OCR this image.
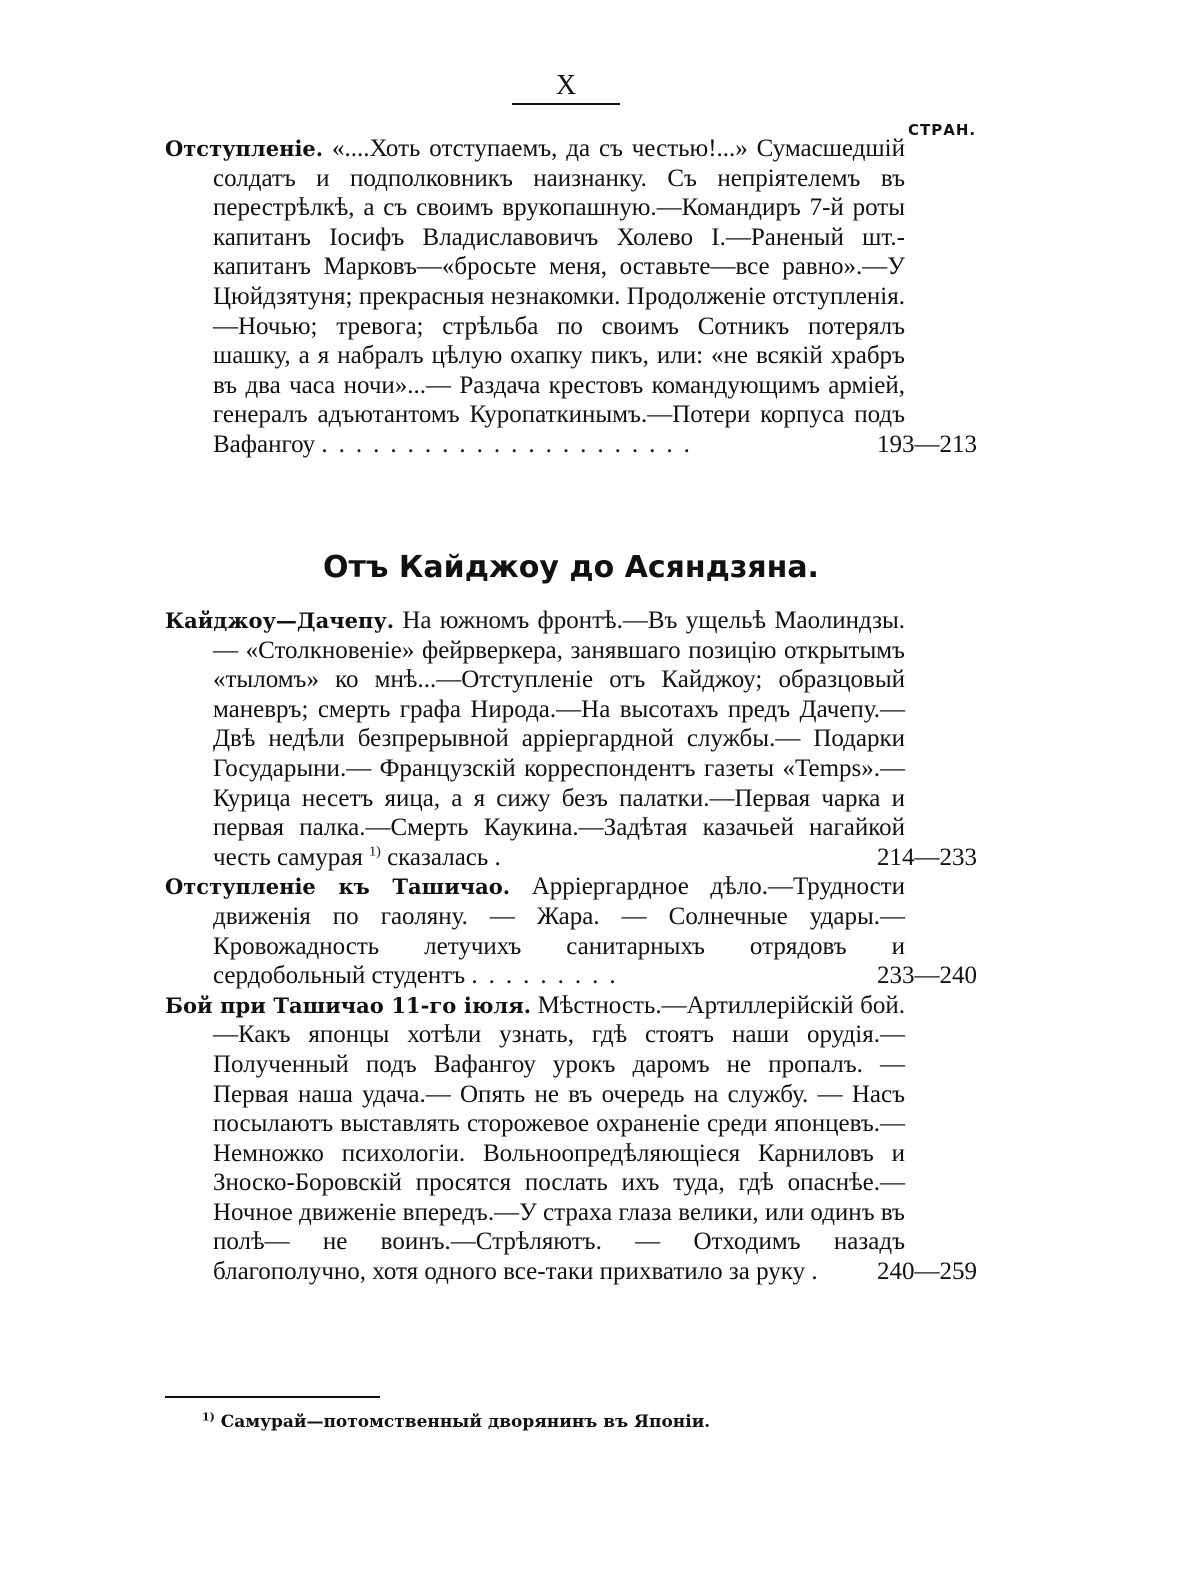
X
СТРАН.
Отступленіе. «....Хоть отступаемъ, да съ честью!...» Сумасшедшій солдатъ и подполковникъ наизнанку. Съ непріятелемъ въ перестрѣлкѣ, а съ своимъ врукопашную.—Командиръ 7-й роты капитанъ Іосифъ Владиславовичъ Холево I.—Раненый шт.- капитанъ Марковъ—«бросьте меня, оставьте—все равно».—У Цюйдзятуня; прекрасныя незнакомки. Продолженіе отступленія.—Ночью; тревога; стрѣльба по своимъ Сотникъ потерялъ шашку, а я набралъ цѣлую охапку пикъ, или: «не всякій храбръ въ два часа ночи»...— Раздача крестовъ командующимъ арміей, генералъ адъютантомъ Куропаткинымъ.—Потери корпуса подъ Вафангоу ......................	193—213
Отъ Кайджоу до Асяндзяна.
Кайджоу—Дачепу. На южномъ фронтѣ.—Въ ущельѣ Маолиндзы. — «Столкновеніе» фейрверкера, занявшаго позицію открытымъ «тыломъ» ко мнѣ...—Отступленіе отъ Кайджоу; образцовый маневръ; смерть графа Нирода.—На высотахъ предъ Дачепу.—Двѣ недѣли безпрерывной арріергардной службы.— Подарки Государыни.— Французскій корреспондентъ газеты «Temps».— Курица несетъ яица, а я сижу безъ палатки.—Первая чарка и первая палка.—Смерть Каукина.—Задѣтая казачьей нагайкой честь самурая $^{1)}$ сказалась .	214—233
Отступленіе къ Ташичао. Арріергардное дѣло.—Трудности движенія по гаоляну. — Жара. — Солнечные удары.—Кровожадность летучихъ санитарныхъ отрядовъ и сердобольный студентъ .........	233—240
Бой при Ташичао 11-го іюля. Мѣстность.—Артиллерійскій бой.—Какъ японцы хотѣли узнать, гдѣ стоятъ наши орудія.—Полученный подъ Вафангоу урокъ даромъ не пропалъ. — Первая наша удача.— Опять не въ очередь на службу. — Насъ посылаютъ выставлять сторожевое охраненіе среди японцевъ.—Немножко психологіи. Вольноопредѣляющіеся Карниловъ и Зноско-Боровскій просятся послать ихъ туда, гдѣ опаснѣе.—Ночное движеніе впередъ.—У страха глаза велики, или одинъ въ полѣ— не воинъ.—Стрѣляютъ. — Отходимъ назадъ благополучно, хотя одного все-таки прихватило за руку .	240—259
$^{1)}$ Самурай—потомственный дворянинъ въ Японіи.
